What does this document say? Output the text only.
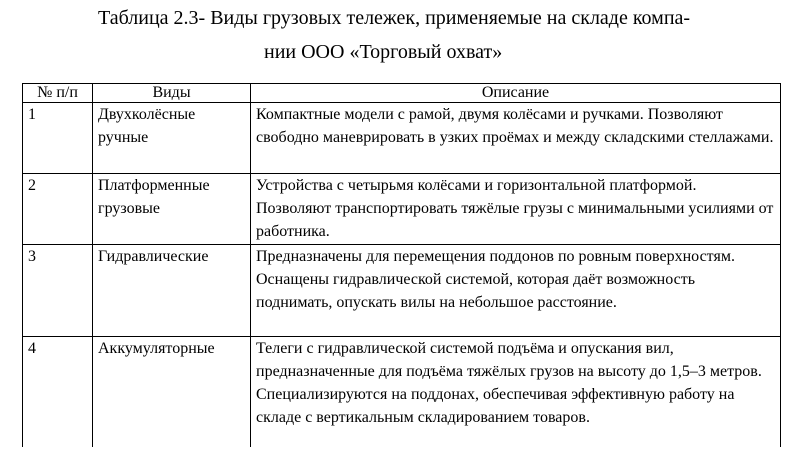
Таблица 2.3- Виды грузовых тележек, применяемые на складе компа-
нии ООО «Торговый охват»
№ п/п	Виды	Описание
1	Двухколёсные ручные	Компактные модели с рамой, двумя колёсами и ручками. Позволяют свободно маневрировать в узких проёмах и между складскими стеллажами.
2	Платформенные грузовые	Устройства с четырьмя колёсами и горизонтальной платформой. Позволяют транспортировать тяжёлые грузы с минимальными усилиями от работника.
3	Гидравлические	Предназначены для перемещения поддонов по ровным поверхностям. Оснащены гидравлической системой, которая даёт возможность поднимать, опускать вилы на небольшое расстояние.
4	Аккумуляторные	Телеги с гидравлической системой подъёма и опускания вил, предназначенные для подъёма тяжёлых грузов на высоту до 1,5–3 метров. Специализируются на поддонах, обеспечивая эффективную работу на складе с вертикальным складированием товаров.
